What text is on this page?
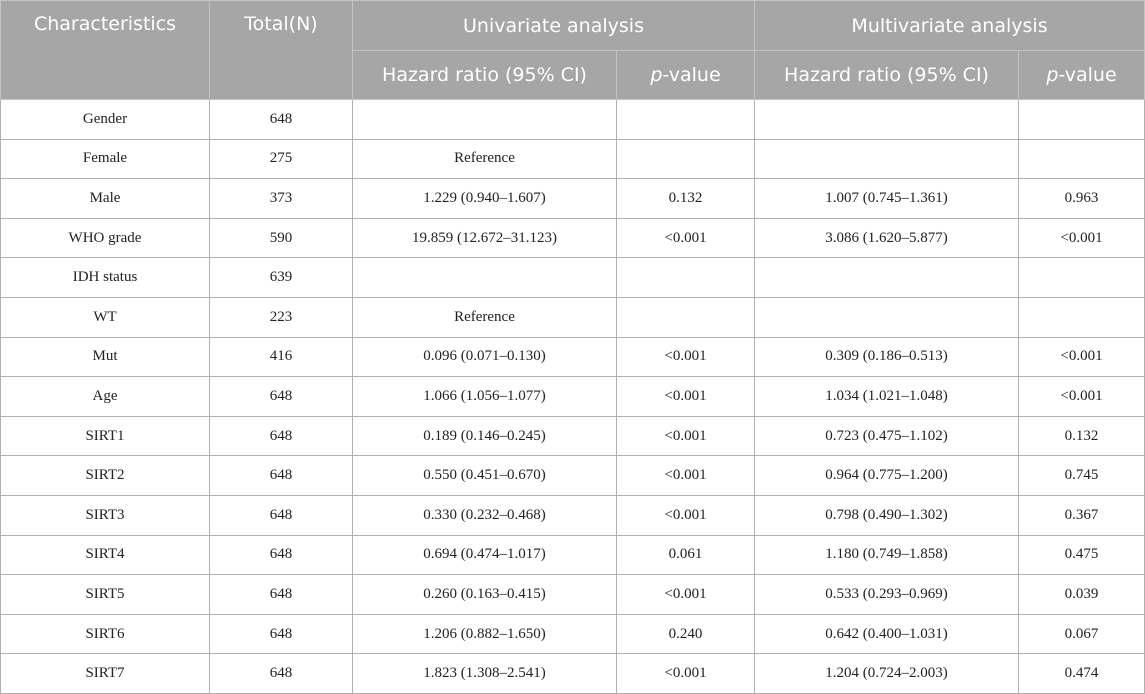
Characteristics	Total(N)	Univariate analysis		Multivariate analysis	
		Hazard ratio (95% CI)	p-value	Hazard ratio (95% CI)	p-value
Gender	648				
Female	275	Reference			
Male	373	1.229 (0.940–1.607)	0.132	1.007 (0.745–1.361)	0.963
WHO grade	590	19.859 (12.672–31.123)	<0.001	3.086 (1.620–5.877)	<0.001
IDH status	639				
WT	223	Reference			
Mut	416	0.096 (0.071–0.130)	<0.001	0.309 (0.186–0.513)	<0.001
Age	648	1.066 (1.056–1.077)	<0.001	1.034 (1.021–1.048)	<0.001
SIRT1	648	0.189 (0.146–0.245)	<0.001	0.723 (0.475–1.102)	0.132
SIRT2	648	0.550 (0.451–0.670)	<0.001	0.964 (0.775–1.200)	0.745
SIRT3	648	0.330 (0.232–0.468)	<0.001	0.798 (0.490–1.302)	0.367
SIRT4	648	0.694 (0.474–1.017)	0.061	1.180 (0.749–1.858)	0.475
SIRT5	648	0.260 (0.163–0.415)	<0.001	0.533 (0.293–0.969)	0.039
SIRT6	648	1.206 (0.882–1.650)	0.240	0.642 (0.400–1.031)	0.067
SIRT7	648	1.823 (1.308–2.541)	<0.001	1.204 (0.724–2.003)	0.474
